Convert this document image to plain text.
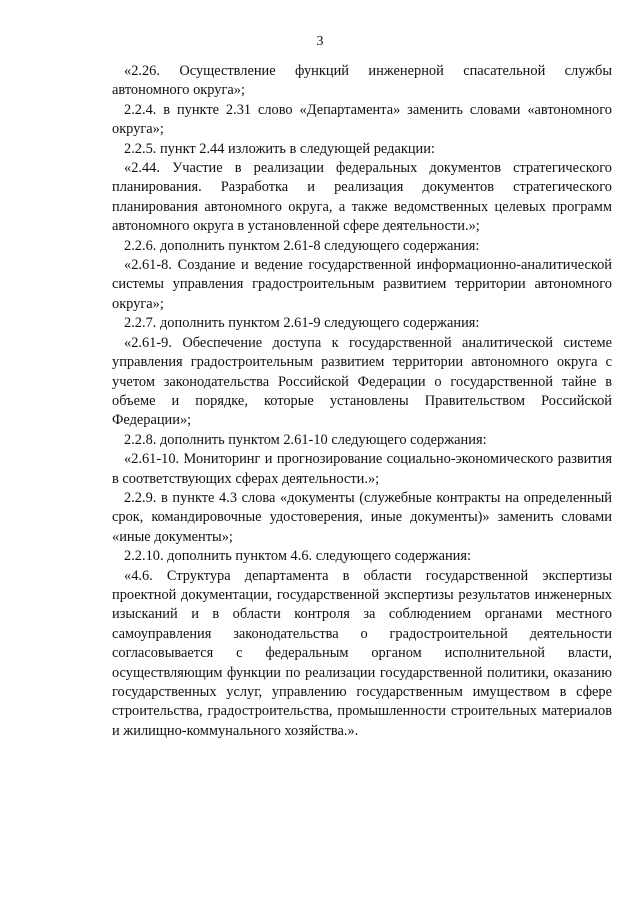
3

«2.26. Осуществление функций инженерной спасательной службы автономного округа»;

2.2.4. в пункте 2.31 слово «Департамента» заменить словами «автономного округа»;

2.2.5. пункт 2.44 изложить в следующей редакции:

«2.44. Участие в реализации федеральных документов стратегического планирования. Разработка и реализация документов стратегического планирования автономного округа, а также ведомственных целевых программ автономного округа в установленной сфере деятельности.»;

2.2.6. дополнить пунктом 2.61-8 следующего содержания:

«2.61-8. Создание и ведение государственной информационно-аналитической системы управления градостроительным развитием территории автономного округа»;

2.2.7. дополнить пунктом 2.61-9 следующего содержания:

«2.61-9. Обеспечение доступа к государственной аналитической системе управления градостроительным развитием территории автономного округа с учетом законодательства Российской Федерации о государственной тайне в объеме и порядке, которые установлены Правительством Российской Федерации»;

2.2.8. дополнить пунктом 2.61-10 следующего содержания:

«2.61-10. Мониторинг и прогнозирование социально-экономического развития в соответствующих сферах деятельности.»;

2.2.9. в пункте 4.3 слова «документы (служебные контракты на определенный срок, командировочные удостоверения, иные документы)» заменить словами «иные документы»;

2.2.10. дополнить пунктом 4.6. следующего содержания:

«4.6. Структура департамента в области государственной экспертизы проектной документации, государственной экспертизы результатов инженерных изысканий и в области контроля за соблюдением органами местного самоуправления законодательства о градостроительной деятельности согласовывается с федеральным органом исполнительной власти, осуществляющим функции по реализации государственной политики, оказанию государственных услуг, управлению государственным имуществом в сфере строительства, градостроительства, промышленности строительных материалов и жилищно-коммунального хозяйства.».
